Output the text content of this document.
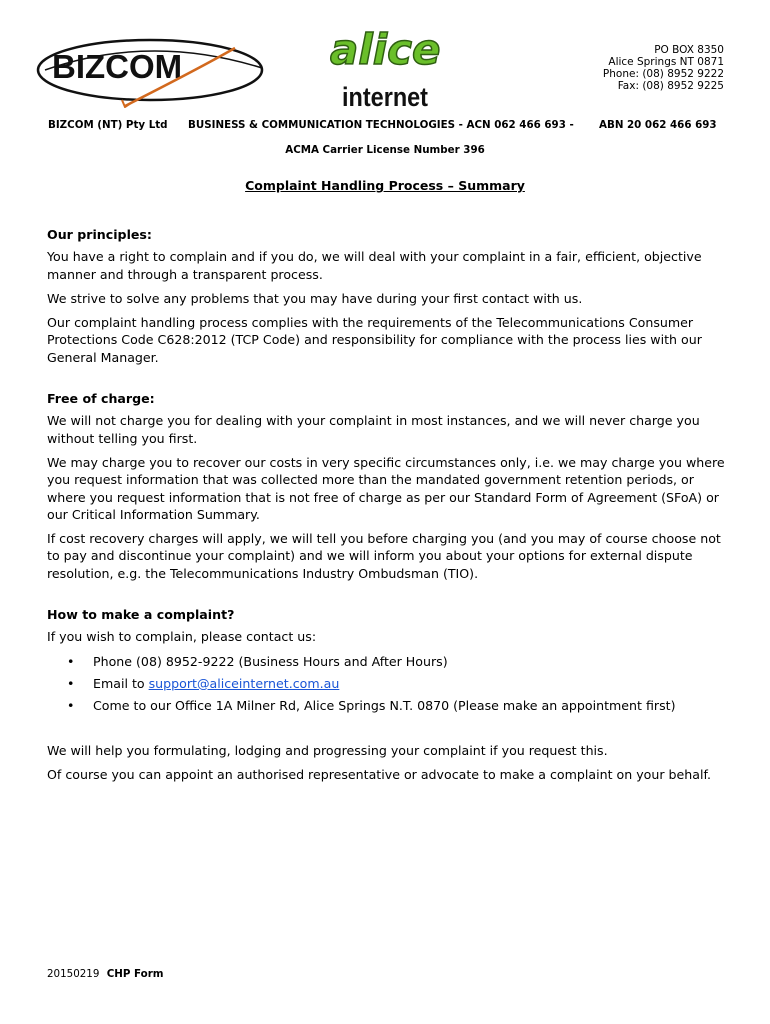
BIZCOM	alice
internet
PO BOX 8350
Alice Springs NT 0871
Phone: (08) 8952 9222
Fax: (08) 8952 9225
BIZCOM (NT) Pty Ltd BUSINESS & COMMUNICATION TECHNOLOGIES - ACN 062 466 693 - ABN 20 062 466 693
ACMA Carrier License Number 396
Complaint Handling Process – Summary
Our principles:

You have a right to complain and if you do, we will deal with your complaint in a fair, efficient, objective manner and through a transparent process.

We strive to solve any problems that you may have during your first contact with us.

Our complaint handling process complies with the requirements of the Telecommunications Consumer Protections Code C628:2012 (TCP Code) and responsibility for compliance with the process lies with our General Manager.

Free of charge:

We will not charge you for dealing with your complaint in most instances, and we will never charge you without telling you first.

We may charge you to recover our costs in very specific circumstances only, i.e. we may charge you where you request information that was collected more than the mandated government retention periods, or where you request information that is not free of charge as per our Standard Form of Agreement (SFoA) or our Critical Information Summary.

If cost recovery charges will apply, we will tell you before charging you (and you may of course choose not to pay and discontinue your complaint) and we will inform you about your options for external dispute resolution, e.g. the Telecommunications Industry Ombudsman (TIO).

How to make a complaint?

If you wish to complain, please contact us:

• Phone (08) 8952-9222 (Business Hours and After Hours)
• Email to support@aliceinternet.com.au
• Come to our Office 1A Milner Rd, Alice Springs N.T. 0870 (Please make an appointment first)

We will help you formulating, lodging and progressing your complaint if you request this.

Of course you can appoint an authorised representative or advocate to make a complaint on your behalf.

20150219 CHP Form
